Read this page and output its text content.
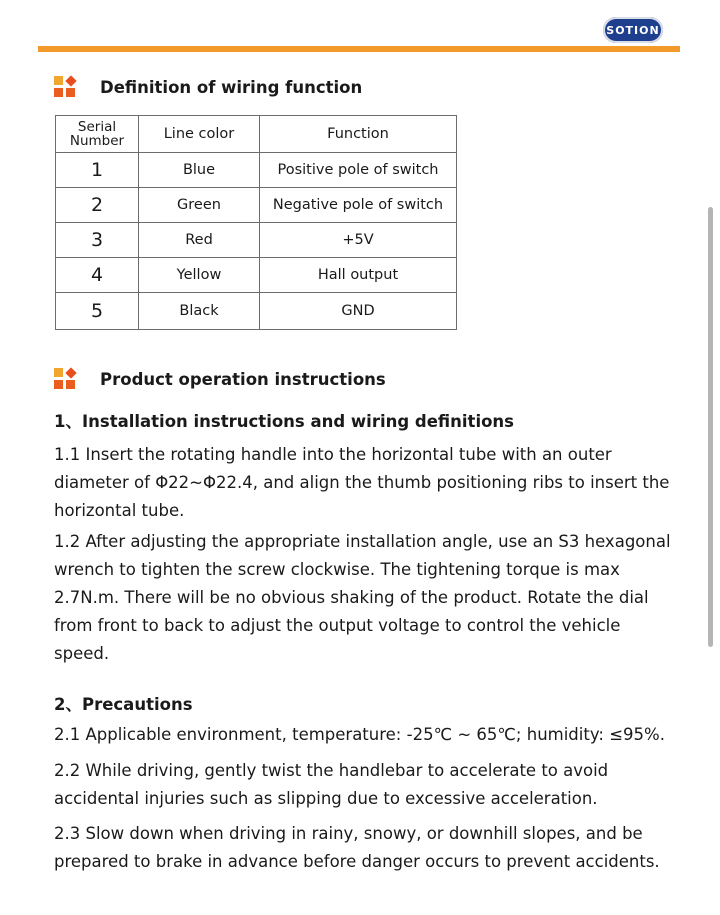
SOTION
Definition of wiring function
Serial Number	Line color	Function
1	Blue	Positive pole of switch
2	Green	Negative pole of switch
3	Red	+5V
4	Yellow	Hall output
5	Black	GND
Product operation instructions
1、Installation instructions and wiring definitions
1.1 Insert the rotating handle into the horizontal tube with an outer diameter of Φ22~Φ22.4, and align the thumb positioning ribs to insert the horizontal tube.
1.2 After adjusting the appropriate installation angle, use an S3 hexagonal wrench to tighten the screw clockwise. The tightening torque is max 2.7N.m. There will be no obvious shaking of the product. Rotate the dial from front to back to adjust the output voltage to control the vehicle speed.
2、Precautions
2.1 Applicable environment, temperature: -25℃ ~ 65℃; humidity: ≤95%.
2.2 While driving, gently twist the handlebar to accelerate to avoid accidental injuries such as slipping due to excessive acceleration.
2.3 Slow down when driving in rainy, snowy, or downhill slopes, and be prepared to brake in advance before danger occurs to prevent accidents.
